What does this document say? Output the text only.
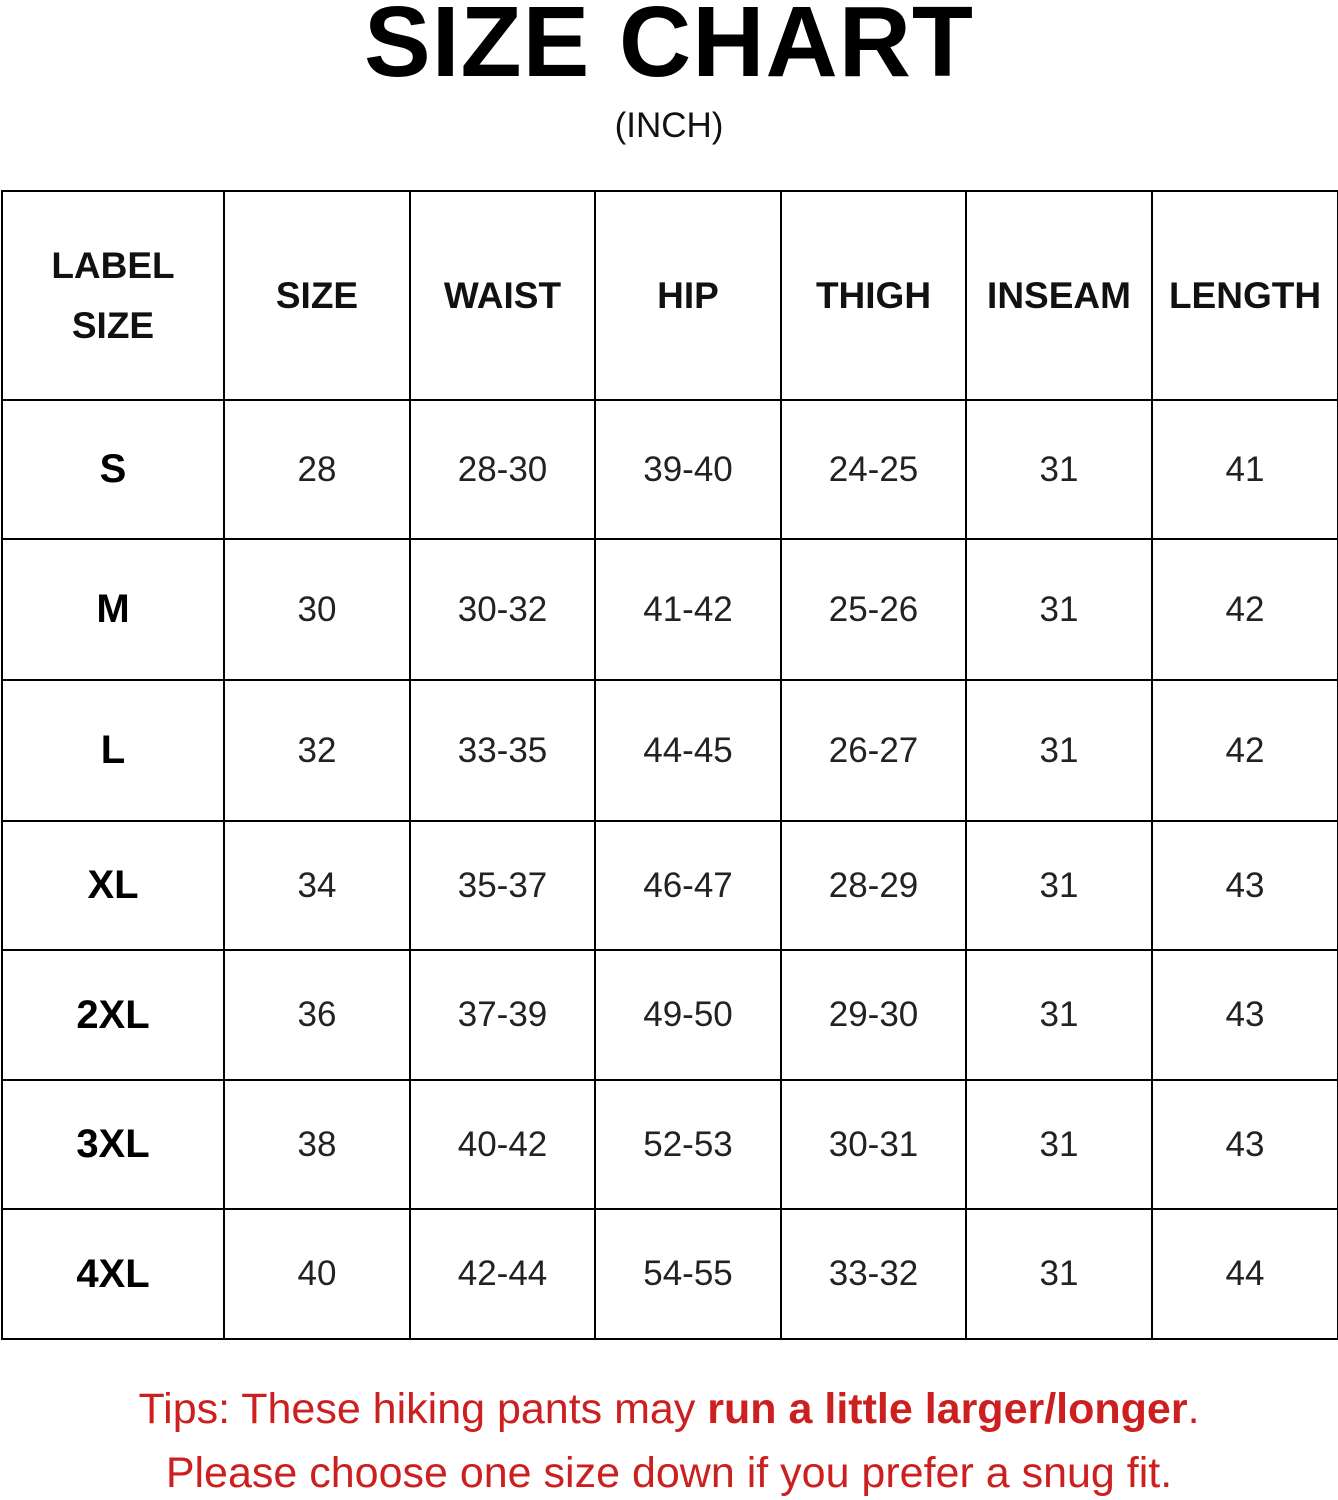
SIZE CHART
(INCH)
LABEL
SIZE	SIZE	WAIST	HIP	THIGH	INSEAM	LENGTH
S	28	28-30	39-40	24-25	31	41
M	30	30-32	41-42	25-26	31	42
L	32	33-35	44-45	26-27	31	42
XL	34	35-37	46-47	28-29	31	43
2XL	36	37-39	49-50	29-30	31	43
3XL	38	40-42	52-53	30-31	31	43
4XL	40	42-44	54-55	33-32	31	44
Tips: These hiking pants may run a little larger/longer.
Please choose one size down if you prefer a snug fit.
